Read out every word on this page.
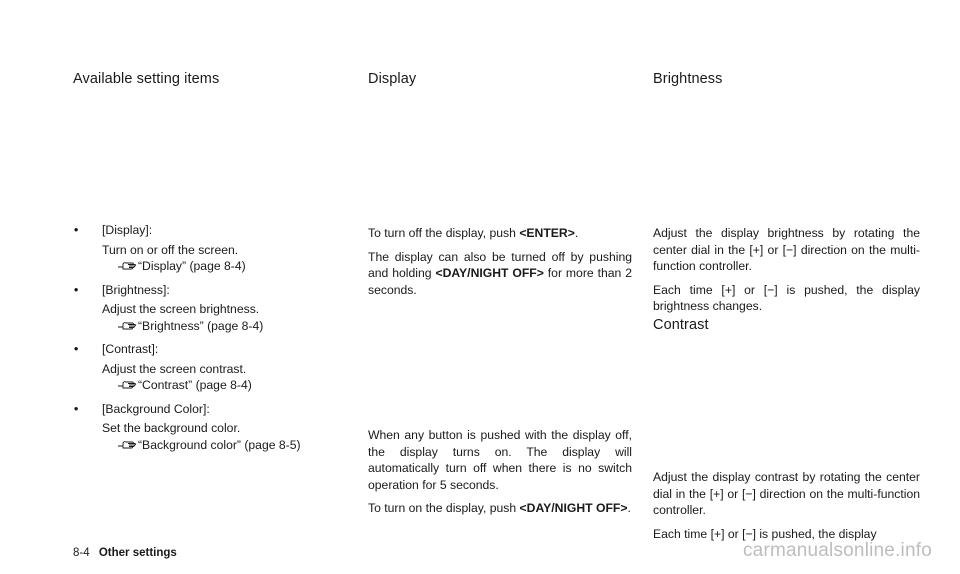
Available setting items	Display	Brightness
• [Display]:
Turn on or off the screen.
“Display” (page 8-4)
• [Brightness]:
Adjust the screen brightness.
“Brightness” (page 8-4)
• [Contrast]:
Adjust the screen contrast.
“Contrast” (page 8-4)
• [Background Color]:
Set the background color.
“Background color” (page 8-5)

To turn off the display, push <ENTER>.

The display can also be turned off by pushing and holding <DAY/NIGHT OFF> for more than 2 seconds.

When any button is pushed with the display off, the display turns on. The display will automatically turn off when there is no switch operation for 5 seconds.

To turn on the display, push <DAY/NIGHT OFF>.

Adjust the display brightness by rotating the center dial in the [+] or [−] direction on the multi-function controller.

Each time [+] or [−] is pushed, the display brightness changes.

Contrast

Adjust the display contrast by rotating the center dial in the [+] or [−] direction on the multi-function controller.

Each time [+] or [−] is pushed, the display

8-4 Other settings	carmanualsonline.info
